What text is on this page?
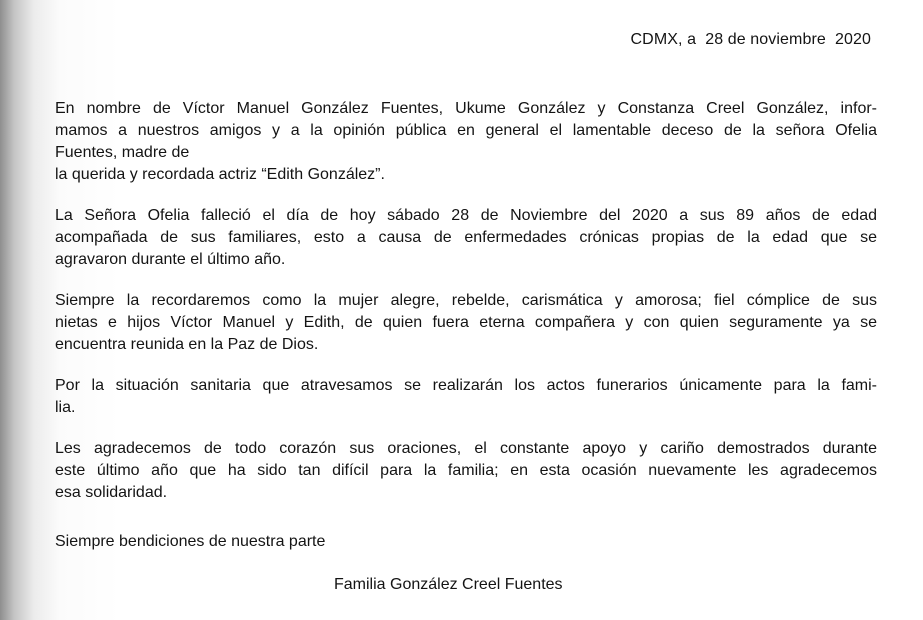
CDMX, a  28 de noviembre  2020
En nombre de Víctor Manuel González Fuentes, Ukume González y Constanza Creel González, infor-
mamos a nuestros amigos y a la opinión pública en general el lamentable deceso de la señora Ofelia
Fuentes, madre de
la querida y recordada actriz “Edith González”.
La Señora Ofelia falleció el día de hoy sábado 28 de Noviembre del 2020 a sus 89 años de edad
acompañada de sus familiares, esto a causa de enfermedades crónicas propias de la edad que se
agravaron durante el último año.
Siempre la recordaremos como la mujer alegre, rebelde, carismática y amorosa; fiel cómplice de sus
nietas e hijos Víctor Manuel y Edith, de quien fuera eterna compañera y con quien seguramente ya se
encuentra reunida en la Paz de Dios.
Por la situación sanitaria que atravesamos se realizarán los actos funerarios únicamente para la fami-
lia.
Les agradecemos de todo corazón sus oraciones, el constante apoyo y cariño demostrados durante
este último año que ha sido tan difícil para la familia; en esta ocasión nuevamente les agradecemos
esa solidaridad.
Siempre bendiciones de nuestra parte
Familia González Creel Fuentes
